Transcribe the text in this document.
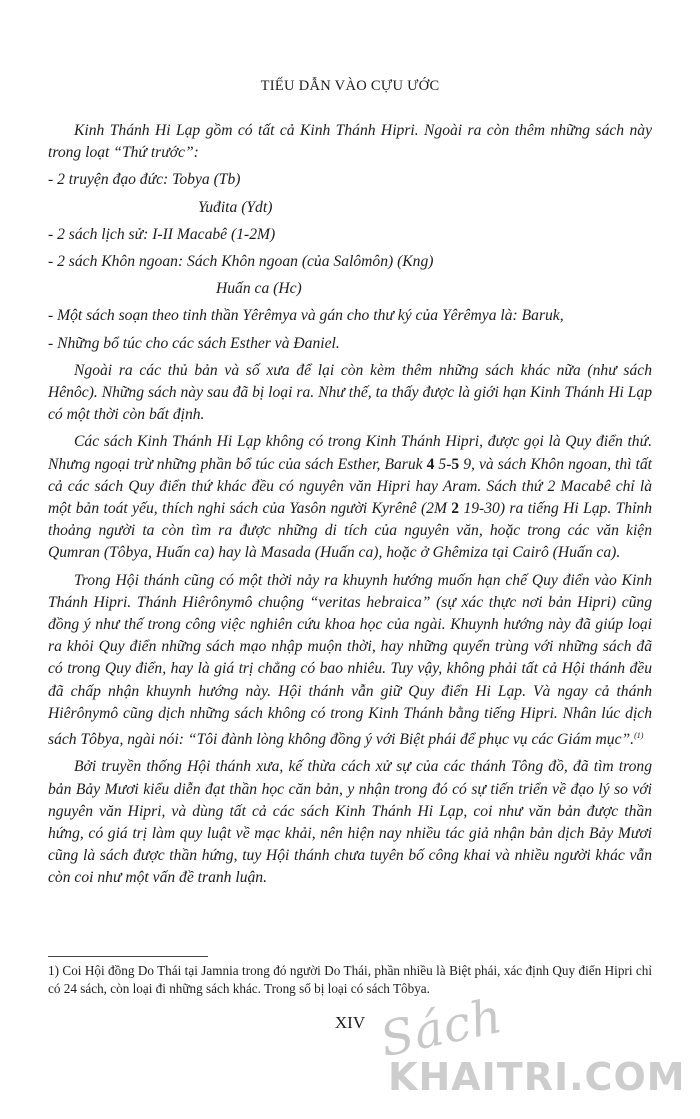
TIẾU DẪN VÀO CỰU ƯỚC

Kinh Thánh Hi Lạp gồm có tất cả Kinh Thánh Hipri. Ngoài ra còn thêm những sách này trong loạt “Thứ trước”:

- 2 truyện đạo đức: Tobya (Tb)

Yuđita (Ydt)

- 2 sách lịch sử: I-II Macabê (1-2M)

- 2 sách Khôn ngoan: Sách Khôn ngoan (của Salômôn) (Kng)

Huấn ca (Hc)

- Một sách soạn theo tinh thần Yêrêmya và gán cho thư ký của Yêrêmya là: Baruk,

- Những bổ túc cho các sách Esther và Đaniel.

Ngoài ra các thủ bản và số xưa để lại còn kèm thêm những sách khác nữa (như sách Hênôc). Những sách này sau đã bị loại ra. Như thế, ta thấy được là giới hạn Kinh Thánh Hi Lạp có một thời còn bất định.

Các sách Kinh Thánh Hi Lạp không có trong Kinh Thánh Hipri, được gọi là Quy điển thứ. Nhưng ngoại trừ những phần bổ túc của sách Esther, Baruk 4 5-5 9, và sách Khôn ngoan, thì tất cả các sách Quy điển thứ khác đều có nguyên văn Hipri hay Aram. Sách thứ 2 Macabê chỉ là một bản toát yếu, thích nghi sách của Yasôn người Kyrênê (2M 2 19-30) ra tiếng Hi Lạp. Thỉnh thoảng người ta còn tìm ra được những di tích của nguyên văn, hoặc trong các văn kiện Qumran (Tôbya, Huấn ca) hay là Masada (Huấn ca), hoặc ở Ghêmiza tại Cairô (Huấn ca).

Trong Hội thánh cũng có một thời nảy ra khuynh hướng muốn hạn chế Quy điển vào Kinh Thánh Hipri. Thánh Hiêrônymô chuộng “veritas hebraica” (sự xác thực nơi bản Hipri) cũng đồng ý như thế trong công việc nghiên cứu khoa học của ngài. Khuynh hướng này đã giúp loại ra khỏi Quy điển những sách mạo nhập muộn thời, hay những quyển trùng với những sách đã có trong Quy điển, hay là giá trị chẳng có bao nhiêu. Tuy vậy, không phải tất cả Hội thánh đều đã chấp nhận khuynh hướng này. Hội thánh vẫn giữ Quy điển Hi Lạp. Và ngay cả thánh Hiêrônymô cũng dịch những sách không có trong Kinh Thánh bằng tiếng Hipri. Nhân lúc dịch sách Tôbya, ngài nói: “Tôi đành lòng không đồng ý với Biệt phái để phục vụ các Giám mục”.$^{(1)}$

Bởi truyền thống Hội thánh xưa, kế thừa cách xử sự của các thánh Tông đồ, đã tìm trong bản Bảy Mươi kiểu diễn đạt thần học căn bản, y nhận trong đó có sự tiến triển về đạo lý so với nguyên văn Hipri, và dùng tất cả các sách Kinh Thánh Hi Lạp, coi như văn bản được thần hứng, có giá trị làm quy luật về mạc khải, nên hiện nay nhiều tác giả nhận bản dịch Bảy Mươi cũng là sách được thần hứng, tuy Hội thánh chưa tuyên bố công khai và nhiều người khác vẫn còn coi như một vấn đề tranh luận.

1) Coi Hội đồng Do Thái tại Jamnia trong đó người Do Thái, phần nhiều là Biệt phái, xác định Quy điển Hipri chỉ có 24 sách, còn loại đi những sách khác. Trong số bị loại có sách Tôbya.
XIV Sách
KHAITRI.COM
